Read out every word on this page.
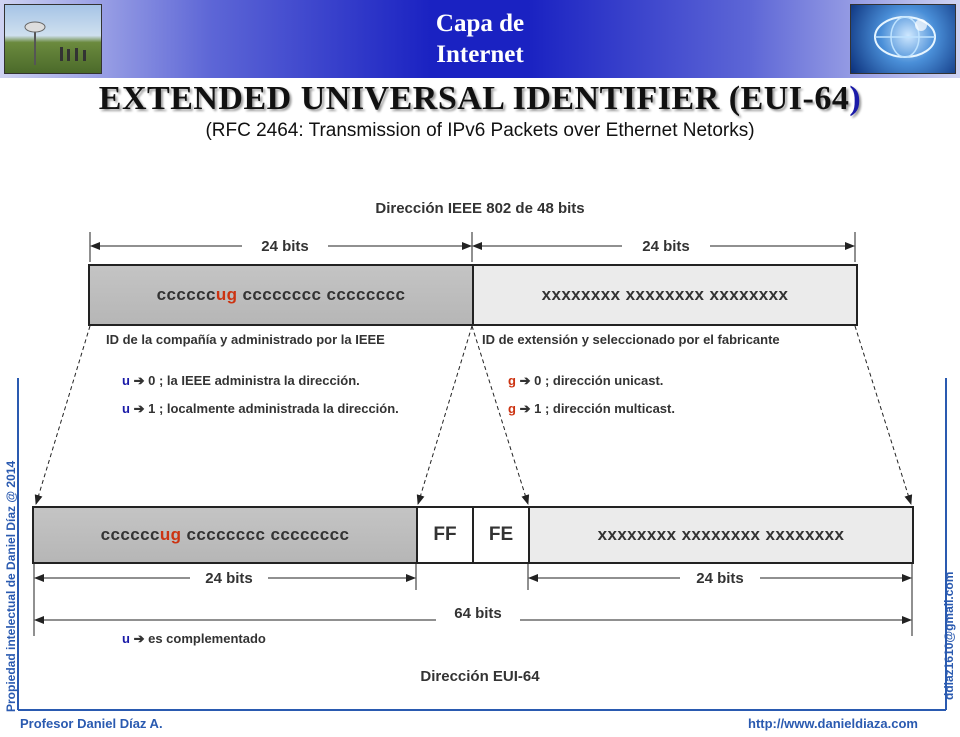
Capa de
Internet
EXTENDED UNIVERSAL IDENTIFIER (EUI-64)
(RFC 2464: Transmission of IPv6 Packets over Ethernet Netorks)
Dirección IEEE 802 de 48 bits
24 bits	24 bits
cccccc ug cccccccc cccccccc	xxxxxxxx xxxxxxxx xxxxxxxx
ID de la compañía y administrado por la IEEE	ID de extensión y seleccionado por el fabricante
u ➔ 0 ; la IEEE administra la dirección.
u ➔ 1 ; localmente administrada la dirección.
g ➔ 0 ; dirección unicast.
g ➔ 1 ; dirección multicast.
cccccc ug cccccccc cccccccc	FF	FE	xxxxxxxx xxxxxxxx xxxxxxxx
24 bits	24 bits
64 bits
u ➔ es complementado
Dirección EUI-64
Propiedad intelectual de Daniel Díaz @ 2014	ddiaz1610@gmail.com
Profesor Daniel Díaz A.	http://www.danieldiaza.com
